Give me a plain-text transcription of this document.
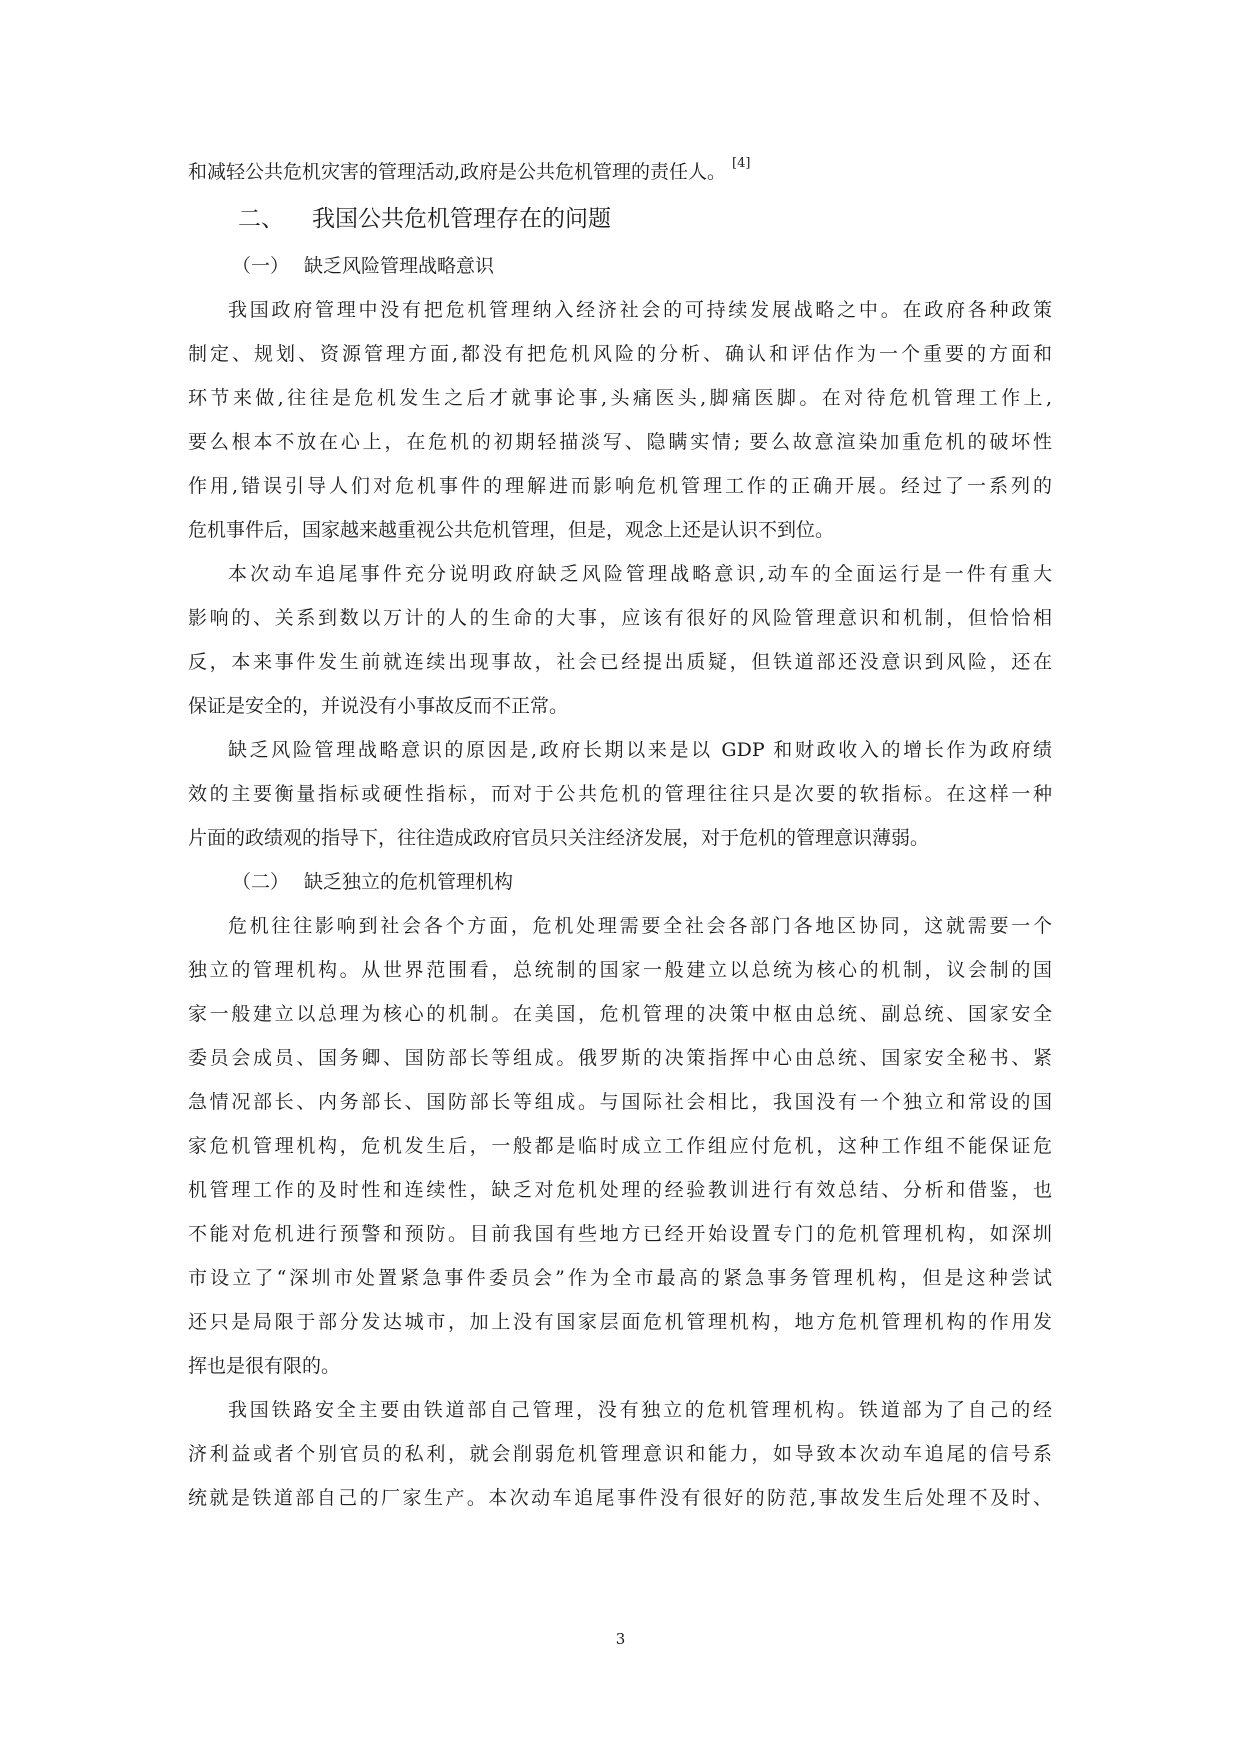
和减轻公共危机灾害的管理活动,政府是公共危机管理的责任人。 [4]
二、 我国公共危机管理存在的问题
（一） 缺乏风险管理战略意识
我国政府管理中没有把危机管理纳入经济社会的可持续发展战略之中。在政府各种政策
制定、规划、资源管理方面,都没有把危机风险的分析、确认和评估作为一个重要的方面和
环节来做,往往是危机发生之后才就事论事,头痛医头,脚痛医脚。在对待危机管理工作上,
要么根本不放在心上，在危机的初期轻描淡写、隐瞒实情; 要么故意渲染加重危机的破坏性
作用,错误引导人们对危机事件的理解进而影响危机管理工作的正确开展。经过了一系列的
危机事件后，国家越来越重视公共危机管理，但是，观念上还是认识不到位。
本次动车追尾事件充分说明政府缺乏风险管理战略意识,动车的全面运行是一件有重大
影响的、关系到数以万计的人的生命的大事，应该有很好的风险管理意识和机制，但恰恰相
反，本来事件发生前就连续出现事故，社会已经提出质疑，但铁道部还没意识到风险，还在
保证是安全的，并说没有小事故反而不正常。
缺乏风险管理战略意识的原因是,政府长期以来是以 GDP 和财政收入的增长作为政府绩
效的主要衡量指标或硬性指标，而对于公共危机的管理往往只是次要的软指标。在这样一种
片面的政绩观的指导下，往往造成政府官员只关注经济发展，对于危机的管理意识薄弱。
（二） 缺乏独立的危机管理机构
危机往往影响到社会各个方面，危机处理需要全社会各部门各地区协同，这就需要一个
独立的管理机构。从世界范围看，总统制的国家一般建立以总统为核心的机制，议会制的国
家一般建立以总理为核心的机制。在美国，危机管理的决策中枢由总统、副总统、国家安全
委员会成员、国务卿、国防部长等组成。俄罗斯的决策指挥中心由总统、国家安全秘书、紧
急情况部长、内务部长、国防部长等组成。与国际社会相比，我国没有一个独立和常设的国
家危机管理机构，危机发生后，一般都是临时成立工作组应付危机，这种工作组不能保证危
机管理工作的及时性和连续性，缺乏对危机处理的经验教训进行有效总结、分析和借鉴，也
不能对危机进行预警和预防。目前我国有些地方已经开始设置专门的危机管理机构，如深圳
市设立了“深圳市处置紧急事件委员会”作为全市最高的紧急事务管理机构，但是这种尝试
还只是局限于部分发达城市，加上没有国家层面危机管理机构，地方危机管理机构的作用发
挥也是很有限的。
我国铁路安全主要由铁道部自己管理，没有独立的危机管理机构。铁道部为了自己的经
济利益或者个别官员的私利，就会削弱危机管理意识和能力，如导致本次动车追尾的信号系
统就是铁道部自己的厂家生产。本次动车追尾事件没有很好的防范,事故发生后处理不及时、
3
